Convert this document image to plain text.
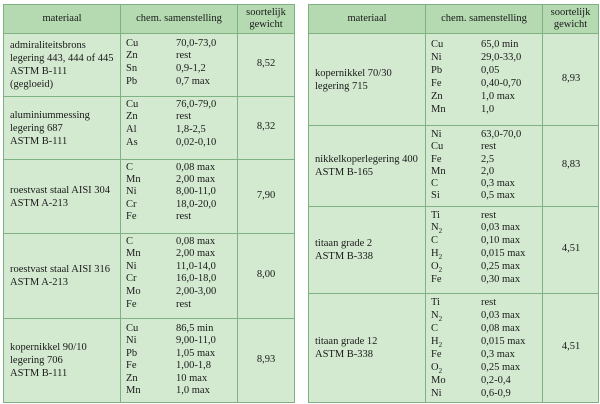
materiaal	chem. samenstelling
soortelijk
gewicht
admiraliteitsbrons
legering 443, 444 of 445
ASTM B-111
(gegloeid)
Cu	70,0-73,0
Zn	rest
Sn	0,9-1,2
Pb	0,7 max
8,52
aluminiummessing
legering 687
ASTM B-111
Cu	76,0-79,0
Zn	rest
Al	1,8-2,5
As	0,02-0,10
8,32
roestvast staal AISI 304
ASTM A-213
C	0,08 max
Mn	2,00 max
Ni	8,00-11,0
Cr	18,0-20,0
Fe	rest
7,90
roestvast staal AISI 316
ASTM A-213
C	0,08 max
Mn	2,00 max
Ni	11,0-14,0
Cr	16,0-18,0
Mo	2,00-3,00
Fe	rest
8,00
kopernikkel 90/10
legering 706
ASTM B-111
Cu	86,5 min
Ni	9,00-11,0
Pb	1,05 max
Fe	1,00-1,8
Zn	10 max
Mn	1,0 max
8,93
materiaal	chem. samenstelling
soortelijk
gewicht
kopernikkel 70/30
legering 715
Cu	65,0 min
Ni	29,0-33,0
Pb	0,05
Fe	0,40-0,70
Zn	1,0 max
Mn	1,0
8,93
nikkelkoperlegering 400
ASTM B-165
Ni	63,0-70,0
Cu	rest
Fe	2,5
Mn	2,0
C	0,3 max
Si	0,5 max
8,83
titaan grade 2
ASTM B-338
Ti	rest
$N_2$	0,03 max
C	0,10 max
$H_2$	0,015 max
$O_2$	0,25 max
Fe	0,30 max
4,51
titaan grade 12
ASTM B-338
Ti	rest
$N_2$	0,03 max
C	0,08 max
$H_2$	0,015 max
Fe	0,3 max
$O_2$	0,25 max
Mo	0,2-0,4
Ni	0,6-0,9
4,51
